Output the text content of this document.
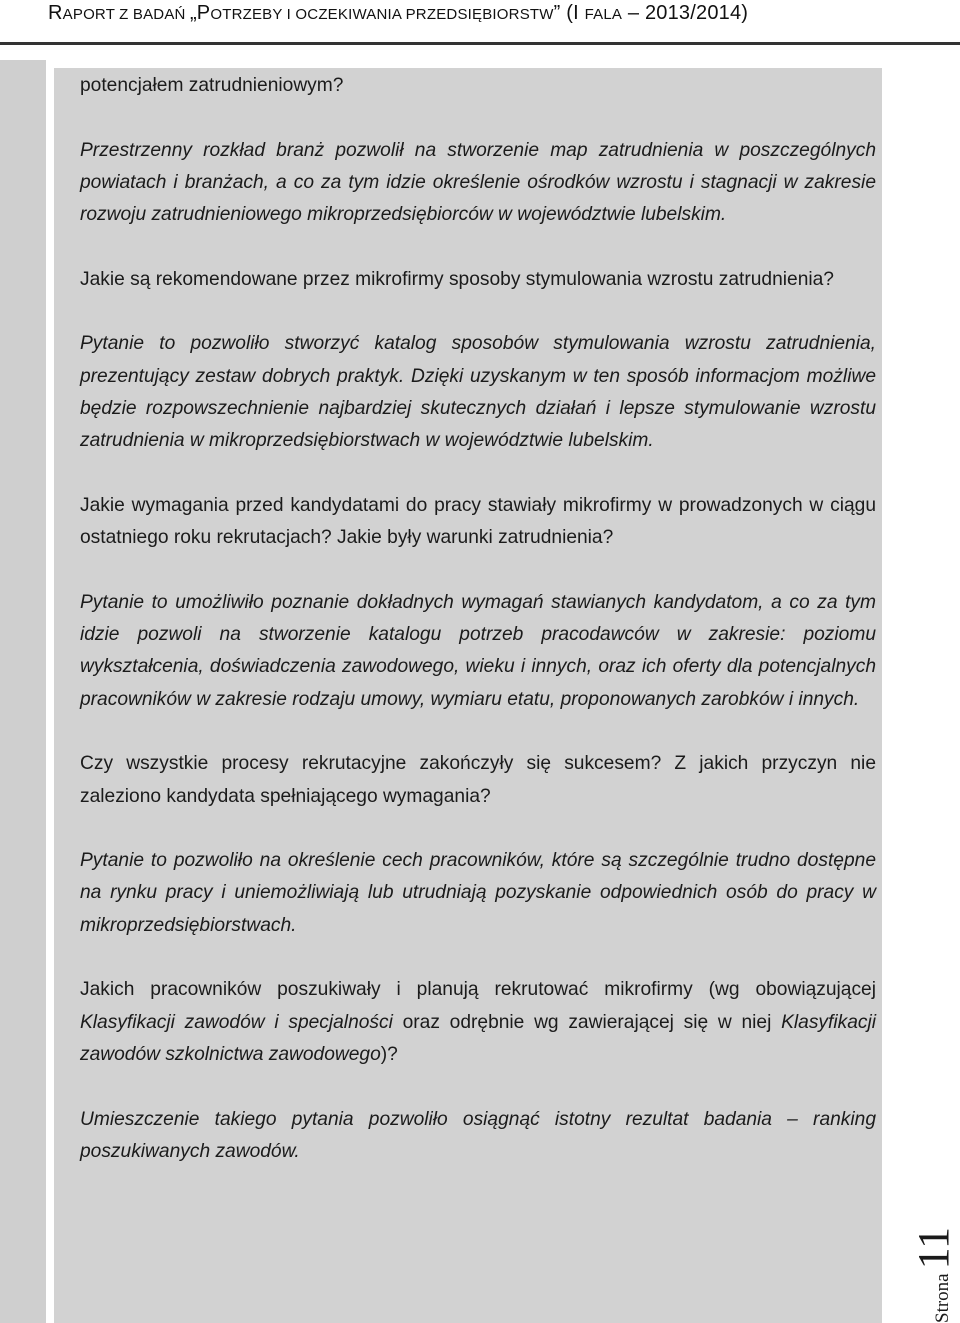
RAPORT Z BADAŃ „POTRZEBY I OCZEKIWANIA PRZEDSIĘBIORSTW” (I FALA – 2013/2014)

potencjałem zatrudnieniowym?

Przestrzenny rozkład branż pozwolił na stworzenie map zatrudnienia w poszczególnych powiatach i branżach, a co za tym idzie określenie ośrodków wzrostu i stagnacji w zakresie rozwoju zatrudnieniowego mikroprzedsiębiorców w województwie lubelskim.

Jakie są rekomendowane przez mikrofirmy sposoby stymulowania wzrostu zatrudnienia?

Pytanie to pozwoliło stworzyć katalog sposobów stymulowania wzrostu zatrudnienia, prezentujący zestaw dobrych praktyk. Dzięki uzyskanym w ten sposób informacjom możliwe będzie rozpowszechnienie najbardziej skutecznych działań i lepsze stymulowanie wzrostu zatrudnienia w mikroprzedsiębiorstwach w województwie lubelskim.

Jakie wymagania przed kandydatami do pracy stawiały mikrofirmy w prowadzonych w ciągu ostatniego roku rekrutacjach? Jakie były warunki zatrudnienia?

Pytanie to umożliwiło poznanie dokładnych wymagań stawianych kandydatom, a co za tym idzie pozwoli na stworzenie katalogu potrzeb pracodawców w zakresie: poziomu wykształcenia, doświadczenia zawodowego, wieku i innych, oraz ich oferty dla potencjalnych pracowników w zakresie rodzaju umowy, wymiaru etatu, proponowanych zarobków i innych.

Czy wszystkie procesy rekrutacyjne zakończyły się sukcesem? Z jakich przyczyn nie zaleziono kandydata spełniającego wymagania?

Pytanie to pozwoliło na określenie cech pracowników, które są szczególnie trudno dostępne na rynku pracy i uniemożliwiają lub utrudniają pozyskanie odpowiednich osób do pracy w mikroprzedsiębiorstwach.

Jakich pracowników poszukiwały i planują rekrutować mikrofirmy (wg obowiązującej Klasyfikacji zawodów i specjalności oraz odrębnie wg zawierającej się w niej Klasyfikacji zawodów szkolnictwa zawodowego)?

Umieszczenie takiego pytania pozwoliło osiągnąć istotny rezultat badania – ranking poszukiwanych zawodów.

Strona11
